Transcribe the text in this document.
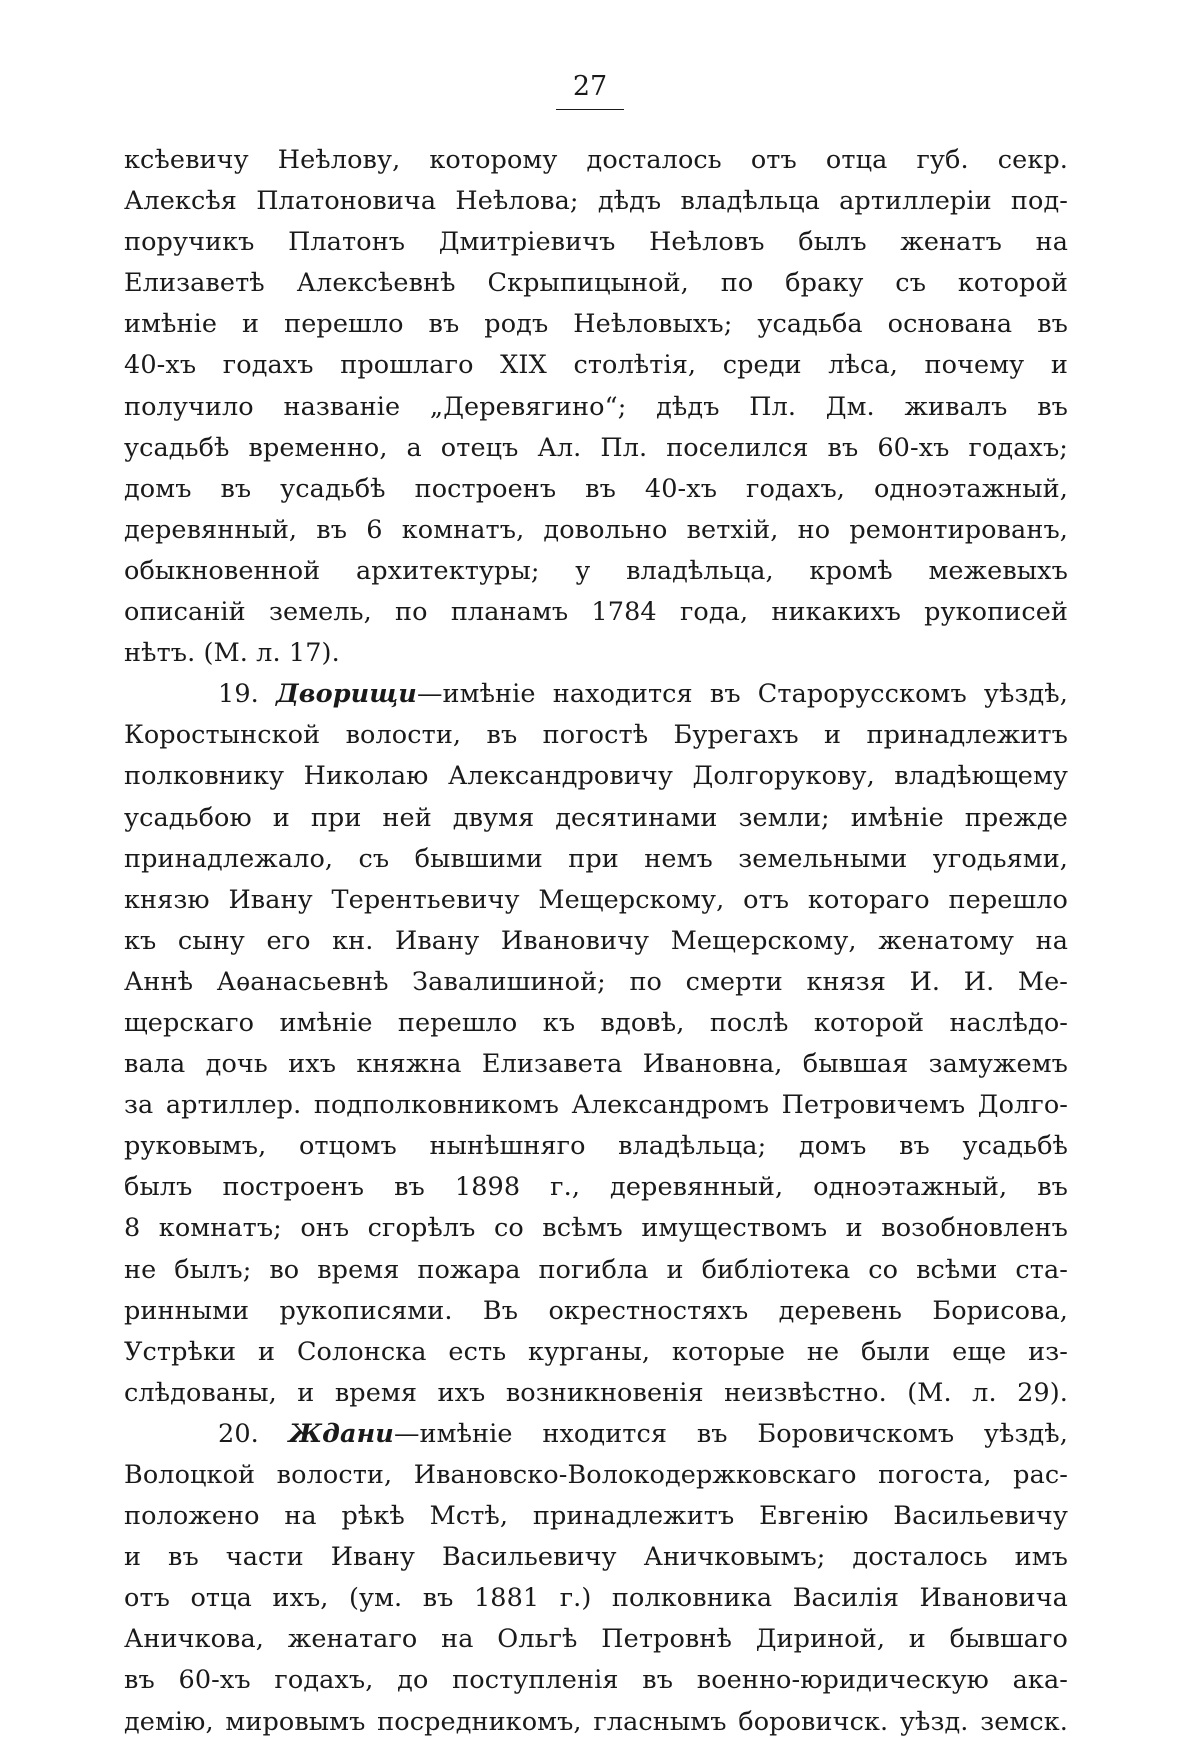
27
ксѣевичу Неѣлову, которому досталось отъ отца губ. секр.
Алексѣя Платоновича Неѣлова; дѣдъ владѣльца артиллеріи под-
поручикъ Платонъ Дмитріевичъ Неѣловъ былъ женатъ на
Елизаветѣ Алексѣевнѣ Скрыпицыной, по браку съ которой
имѣніе и перешло въ родъ Неѣловыхъ; усадьба основана въ
40-хъ годахъ прошлаго XIX столѣтія, среди лѣса, почему и
получило названіе „Деревягино“; дѣдъ Пл. Дм. живалъ въ
усадьбѣ временно, а отецъ Ал. Пл. поселился въ 60-хъ годахъ;
домъ въ усадьбѣ построенъ въ 40-хъ годахъ, одноэтажный,
деревянный, въ 6 комнатъ, довольно ветхій, но ремонтированъ,
обыкновенной архитектуры; у владѣльца, кромѣ межевыхъ
описаній земель, по планамъ 1784 года, никакихъ рукописей
нѣтъ. (М. л. 17).
19. Дворищи—имѣніе находится въ Старорусскомъ уѣздѣ,
Коростынской волости, въ погостѣ Бурегахъ и принадлежитъ
полковнику Николаю Александровичу Долгорукову, владѣющему
усадьбою и при ней двумя десятинами земли; имѣніе прежде
принадлежало, съ бывшими при немъ земельными угодьями,
князю Ивану Терентьевичу Мещерскому, отъ котораго перешло
къ сыну его кн. Ивану Ивановичу Мещерскому, женатому на
Аннѣ Аѳанасьевнѣ Завалишиной; по смерти князя И. И. Ме-
щерскаго имѣніе перешло къ вдовѣ, послѣ которой наслѣдо-
вала дочь ихъ княжна Елизавета Ивановна, бывшая замужемъ
за артиллер. подполковникомъ Александромъ Петровичемъ Долго-
руковымъ, отцомъ нынѣшняго владѣльца; домъ въ усадьбѣ
былъ построенъ въ 1898 г., деревянный, одноэтажный, въ
8 комнатъ; онъ сгорѣлъ со всѣмъ имуществомъ и возобновленъ
не былъ; во время пожара погибла и библіотека со всѣми ста-
ринными рукописями. Въ окрестностяхъ деревень Борисова,
Устрѣки и Солонска есть курганы, которые не были еще из-
слѣдованы, и время ихъ возникновенія неизвѣстно. (М. л. 29).
20. Ждани—имѣніе нходится въ Боровичскомъ уѣздѣ,
Волоцкой волости, Ивановско-Волокодержковскаго погоста, рас-
положено на рѣкѣ Мстѣ, принадлежитъ Евгенію Васильевичу
и въ части Ивану Васильевичу Аничковымъ; досталось имъ
отъ отца ихъ, (ум. въ 1881 г.) полковника Василія Ивановича
Аничкова, женатаго на Ольгѣ Петровнѣ Дириной, и бывшаго
въ 60-хъ годахъ, до поступленія въ военно-юридическую ака-
демію, мировымъ посредникомъ, гласнымъ боровичск. уѣзд. земск.
